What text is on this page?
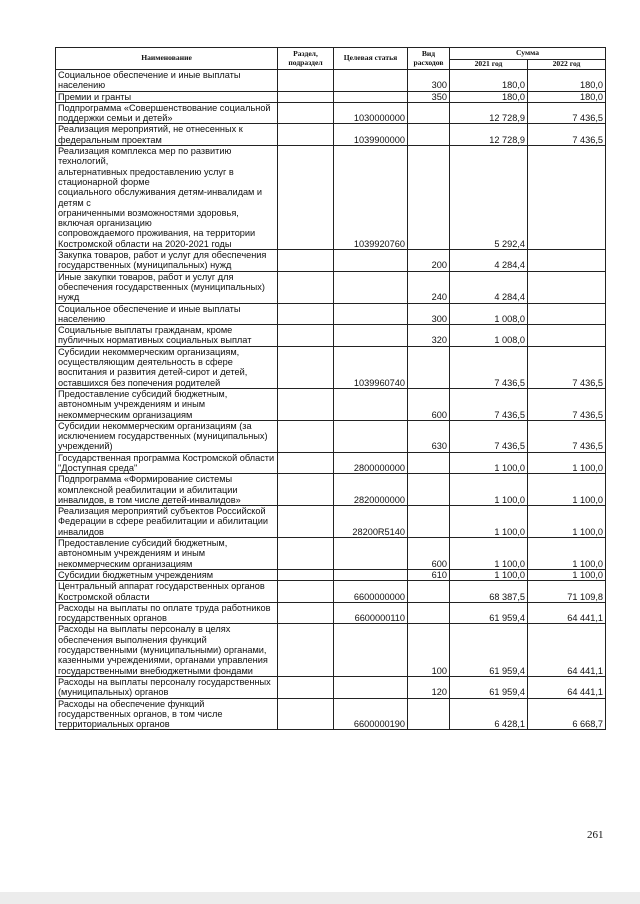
Наименование	Раздел, подраздел	Целевая статья	Вид расходов	Сумма	
				2021 год	2022 год
Социальное обеспечение и иные выплаты населению			300	180,0	180,0
Премии и гранты			350	180,0	180,0
Подпрограмма «Совершенствование социальной поддержки семьи и детей»		1030000000		12 728,9	7 436,5
Реализация мероприятий, не отнесенных к федеральным проектам		1039900000		12 728,9	7 436,5
Реализация комплекса мер по развитию технологий,
альтернативных предоставлению услуг в стационарной форме
социального обслуживания детям-инвалидам и детям с
ограниченными возможностями здоровья, включая организацию
сопровождаемого проживания, на территории Костромской области на 2020-2021 годы		1039920760		5 292,4	
Закупка товаров, работ и услуг для обеспечения государственных (муниципальных) нужд			200	4 284,4	
Иные закупки товаров, работ и услуг для обеспечения государственных (муниципальных) нужд			240	4 284,4	
Социальное обеспечение и иные выплаты населению			300	1 008,0	
Социальные выплаты гражданам, кроме публичных нормативных социальных выплат			320	1 008,0	
Субсидии некоммерческим организациям, осуществляющим деятельность в сфере воспитания и развития детей-сирот и детей, оставшихся без попечения родителей		1039960740		7 436,5	7 436,5
Предоставление субсидий бюджетным, автономным учреждениям и иным некоммерческим организациям			600	7 436,5	7 436,5
Субсидии некоммерческим организациям (за исключением государственных (муниципальных) учреждений)			630	7 436,5	7 436,5
Государственная программа Костромской области "Доступная среда"		2800000000		1 100,0	1 100,0
Подпрограмма «Формирование системы комплексной реабилитации и абилитации инвалидов, в том числе детей-инвалидов»		2820000000		1 100,0	1 100,0
Реализация мероприятий субъектов Российской Федерации в сфере реабилитации и абилитации инвалидов		28200R5140		1 100,0	1 100,0
Предоставление субсидий бюджетным, автономным учреждениям и иным некоммерческим организациям			600	1 100,0	1 100,0
Субсидии бюджетным учреждениям			610	1 100,0	1 100,0
Центральный аппарат государственных органов Костромской области		6600000000		68 387,5	71 109,8
Расходы на выплаты по оплате труда работников государственных органов		6600000110		61 959,4	64 441,1
Расходы на выплаты персоналу в целях обеспечения выполнения функций государственными (муниципальными) органами, казенными учреждениями, органами управления государственными внебюджетными фондами			100	61 959,4	64 441,1
Расходы на выплаты персоналу государственных (муниципальных) органов			120	61 959,4	64 441,1
Расходы на обеспечение функций государственных органов, в том числе территориальных органов		6600000190		6 428,1	6 668,7
261
